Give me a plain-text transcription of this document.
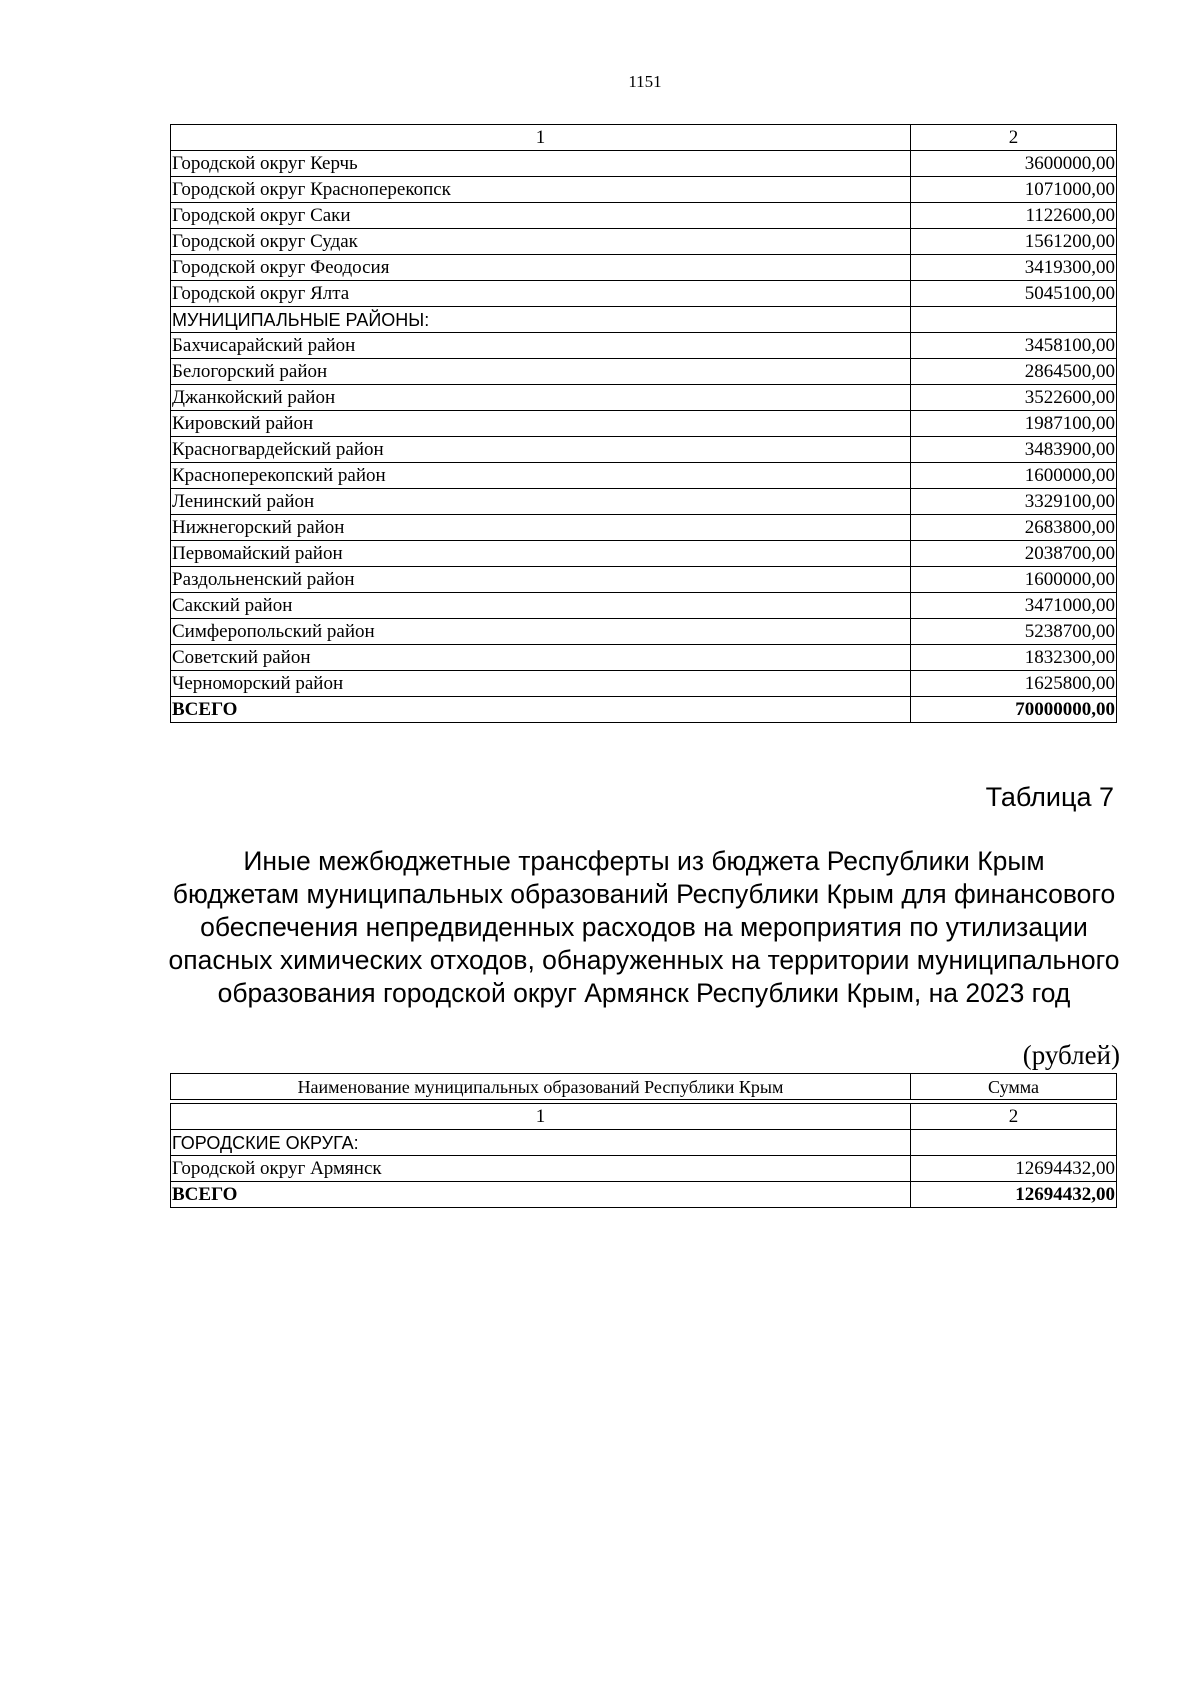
1151
1	2
Городской округ Керчь	3600000,00
Городской округ Красноперекопск	1071000,00
Городской округ Саки	1122600,00
Городской округ Судак	1561200,00
Городской округ Феодосия	3419300,00
Городской округ Ялта	5045100,00
МУНИЦИПАЛЬНЫЕ РАЙОНЫ:	
Бахчисарайский район	3458100,00
Белогорский район	2864500,00
Джанкойский район	3522600,00
Кировский район	1987100,00
Красногвардейский район	3483900,00
Красноперекопский район	1600000,00
Ленинский район	3329100,00
Нижнегорский район	2683800,00
Первомайский район	2038700,00
Раздольненский район	1600000,00
Сакский район	3471000,00
Симферопольский район	5238700,00
Советский район	1832300,00
Черноморский район	1625800,00
ВСЕГО	70000000,00
Таблица 7
Иные межбюджетные трансферты из бюджета Республики Крым
бюджетам муниципальных образований Республики Крым для финансового
обеспечения непредвиденных расходов на мероприятия по утилизации
опасных химических отходов, обнаруженных на территории муниципального
образования городской округ Армянск Республики Крым, на 2023 год
(рублей)
Наименование муниципальных образований Республики Крым	Сумма
1	2
ГОРОДСКИЕ ОКРУГА:	
Городской округ Армянск	12694432,00
ВСЕГО	12694432,00
